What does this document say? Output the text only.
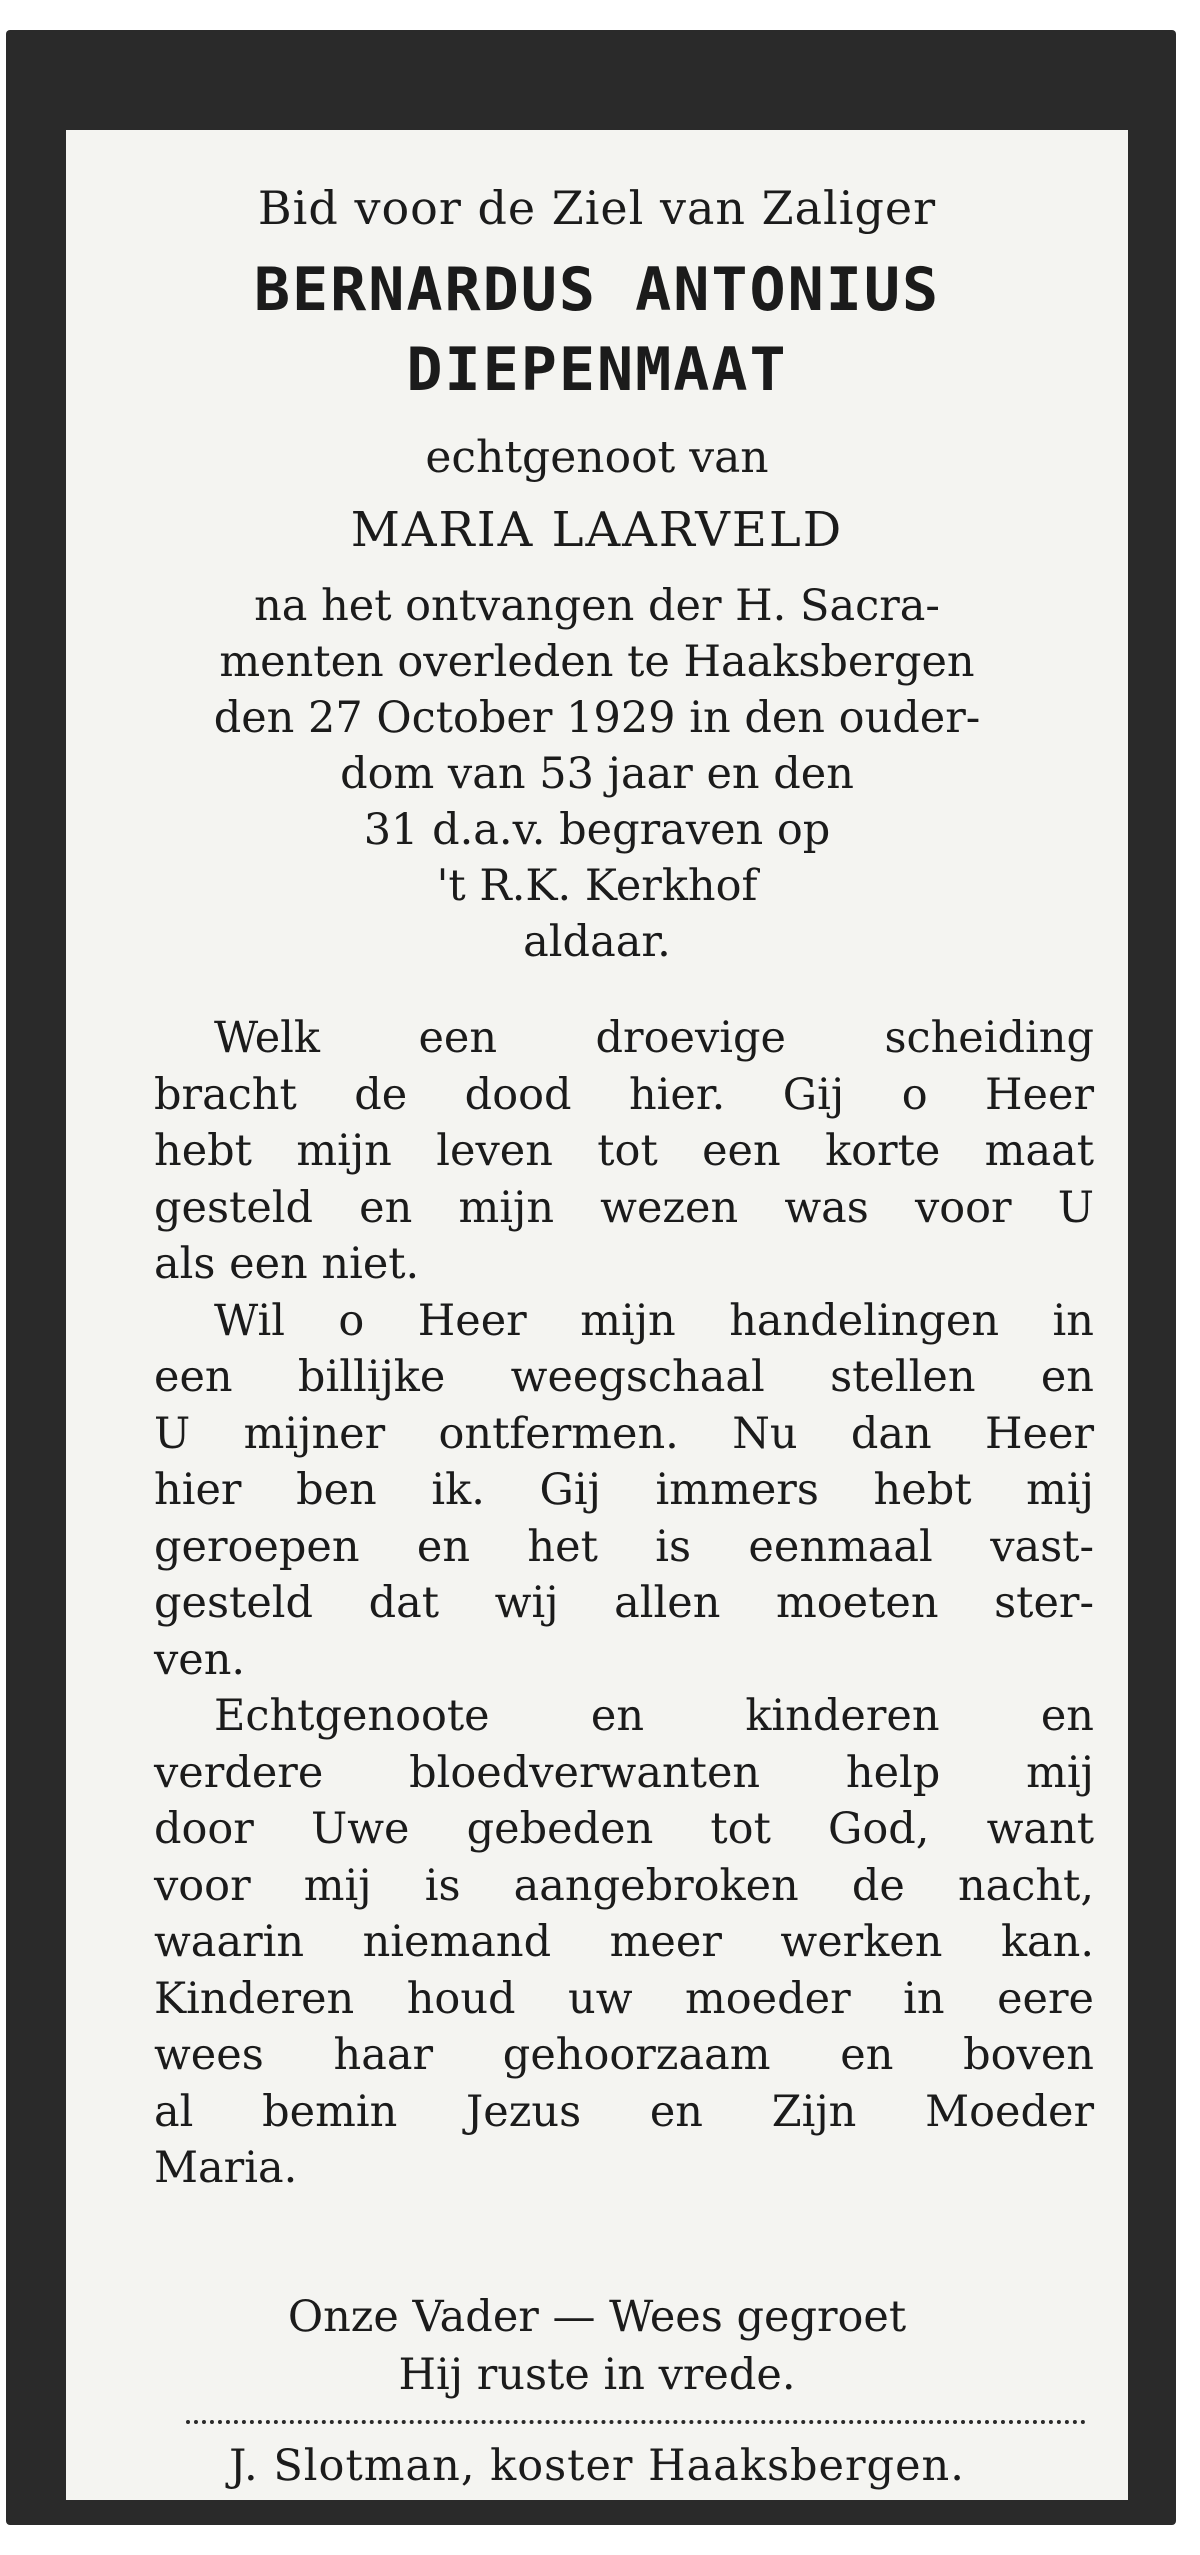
Bid voor de Ziel van Zaliger
BERNARDUS ANTONIUS
DIEPENMAAT
echtgenoot van
MARIA LAARVELD
na het ontvangen der H. Sacra-
menten overleden te Haaksbergen
den 27 October 1929 in den ouder-
dom van 53 jaar en den
31 d.a.v. begraven op
't R.K. Kerkhof
aldaar.
Welk een droevige scheiding
bracht de dood hier. Gij o Heer
hebt mijn leven tot een korte maat
gesteld en mijn wezen was voor U
als een niet.
Wil o Heer mijn handelingen in
een billijke weegschaal stellen en
U mijner ontfermen. Nu dan Heer
hier ben ik. Gij immers hebt mij
geroepen en het is eenmaal vast-
gesteld dat wij allen moeten ster-
ven.
Echtgenoote en kinderen en
verdere bloedverwanten help mij
door Uwe gebeden tot God, want
voor mij is aangebroken de nacht,
waarin niemand meer werken kan.
Kinderen houd uw moeder in eere
wees haar gehoorzaam en boven
al bemin Jezus en Zijn Moeder
Maria.
Onze Vader — Wees gegroet
Hij ruste in vrede.
J. Slotman, koster Haaksbergen.
